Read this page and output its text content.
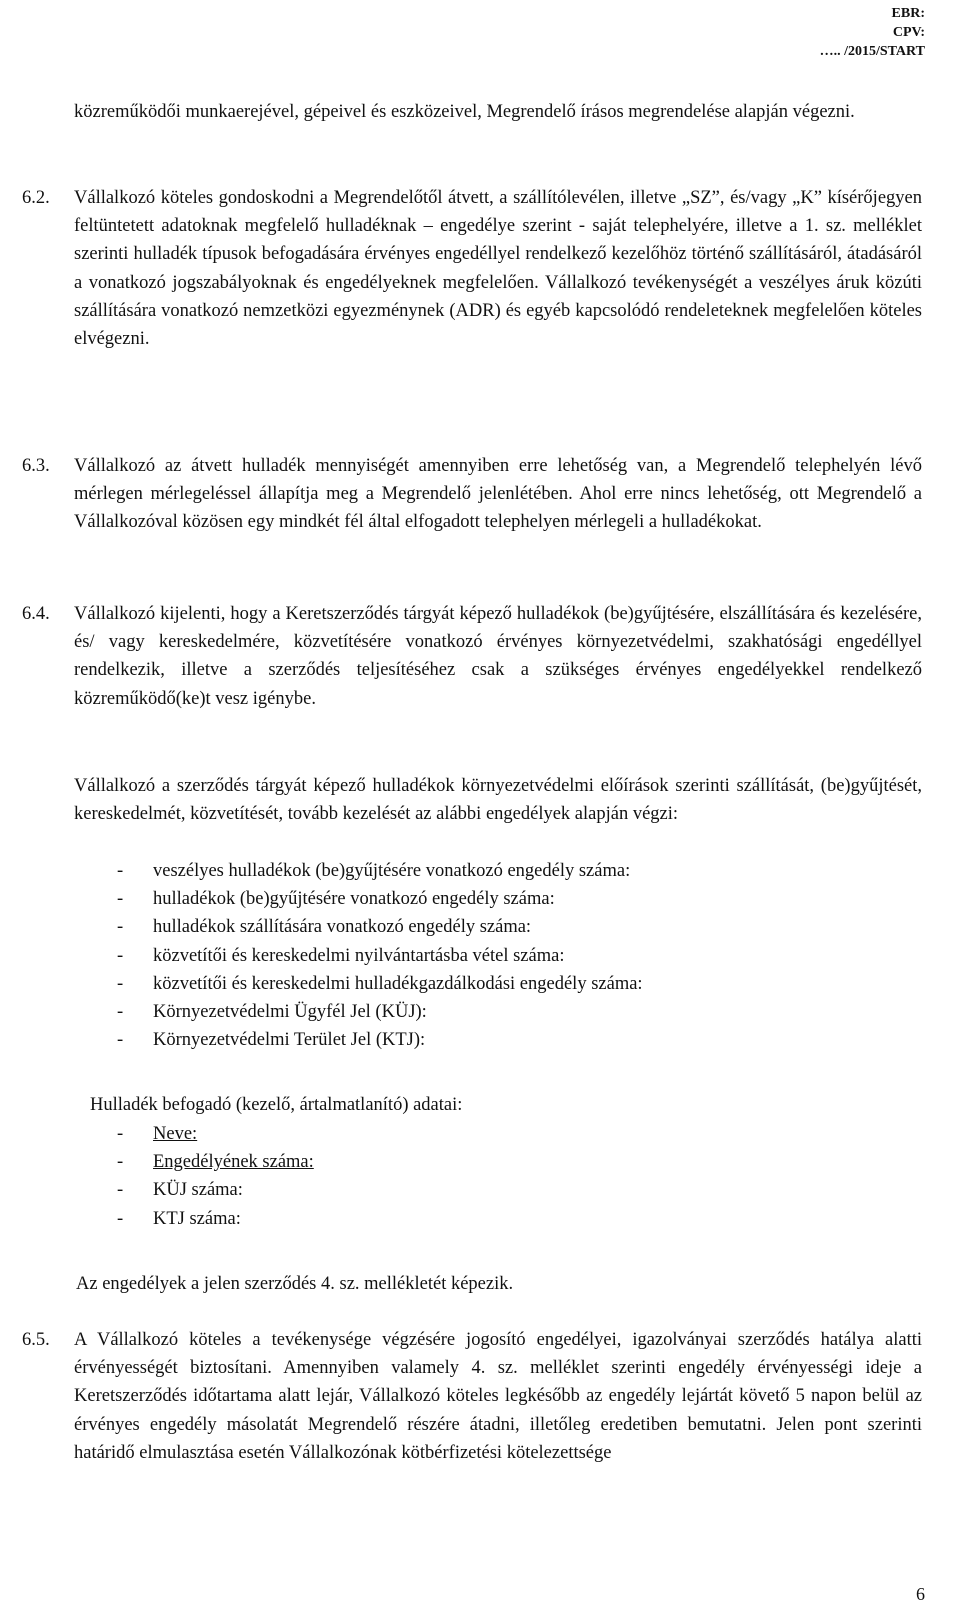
EBR:
CPV:
….. /2015/START
közreműködői munkaerejével, gépeivel és eszközeivel, Megrendelő írásos megrendelése alapján végezni.
6.2. Vállalkozó köteles gondoskodni a Megrendelőtől átvett, a szállítólevélen, illetve „SZ”, és/vagy „K” kísérőjegyen feltüntetett adatoknak megfelelő hulladéknak – engedélye szerint - saját telephelyére, illetve a 1. sz. melléklet szerinti hulladék típusok befogadására érvényes engedéllyel rendelkező kezelőhöz történő szállításáról, átadásáról a vonatkozó jogszabályoknak és engedélyeknek megfelelően. Vállalkozó tevékenységét a veszélyes áruk közúti szállítására vonatkozó nemzetközi egyezménynek (ADR) és egyéb kapcsolódó rendeleteknek megfelelően köteles elvégezni.
6.3. Vállalkozó az átvett hulladék mennyiségét amennyiben erre lehetőség van, a Megrendelő telephelyén lévő mérlegen mérlegeléssel állapítja meg a Megrendelő jelenlétében. Ahol erre nincs lehetőség, ott Megrendelő a Vállalkozóval közösen egy mindkét fél által elfogadott telephelyen mérlegeli a hulladékokat.
6.4. Vállalkozó kijelenti, hogy a Keretszerződés tárgyát képező hulladékok (be)gyűjtésére, elszállítására és kezelésére, és/ vagy kereskedelmére, közvetítésére vonatkozó érvényes környezetvédelmi, szakhatósági engedéllyel rendelkezik, illetve a szerződés teljesítéséhez csak a szükséges érvényes engedélyekkel rendelkező közreműködő(ke)t vesz igénybe.
Vállalkozó a szerződés tárgyát képező hulladékok környezetvédelmi előírások szerinti szállítását, (be)gyűjtését, kereskedelmét, közvetítését, tovább kezelését az alábbi engedélyek alapján végzi:
-	veszélyes hulladékok (be)gyűjtésére vonatkozó engedély száma:
-	hulladékok (be)gyűjtésére vonatkozó engedély száma:
-	hulladékok szállítására vonatkozó engedély száma:
-	közvetítői és kereskedelmi nyilvántartásba vétel száma:
-	közvetítői és kereskedelmi hulladékgazdálkodási engedély száma:
-	Környezetvédelmi Ügyfél Jel (KÜJ):
-	Környezetvédelmi Terület Jel (KTJ):
Hulladék befogadó (kezelő, ártalmatlanító) adatai:
-	Neve:
-	Engedélyének száma:
-	KÜJ száma:
-	KTJ száma:
Az engedélyek a jelen szerződés 4. sz. mellékletét képezik.
6.5. A Vállalkozó köteles a tevékenysége végzésére jogosító engedélyei, igazolványai szerződés hatálya alatti érvényességét biztosítani. Amennyiben valamely 4. sz. melléklet szerinti engedély érvényességi ideje a Keretszerződés időtartama alatt lejár, Vállalkozó köteles legkésőbb az engedély lejártát követő 5 napon belül az érvényes engedély másolatát Megrendelő részére átadni, illetőleg eredetiben bemutatni. Jelen pont szerinti határidő elmulasztása esetén Vállalkozónak kötbérfizetési kötelezettsége
6
